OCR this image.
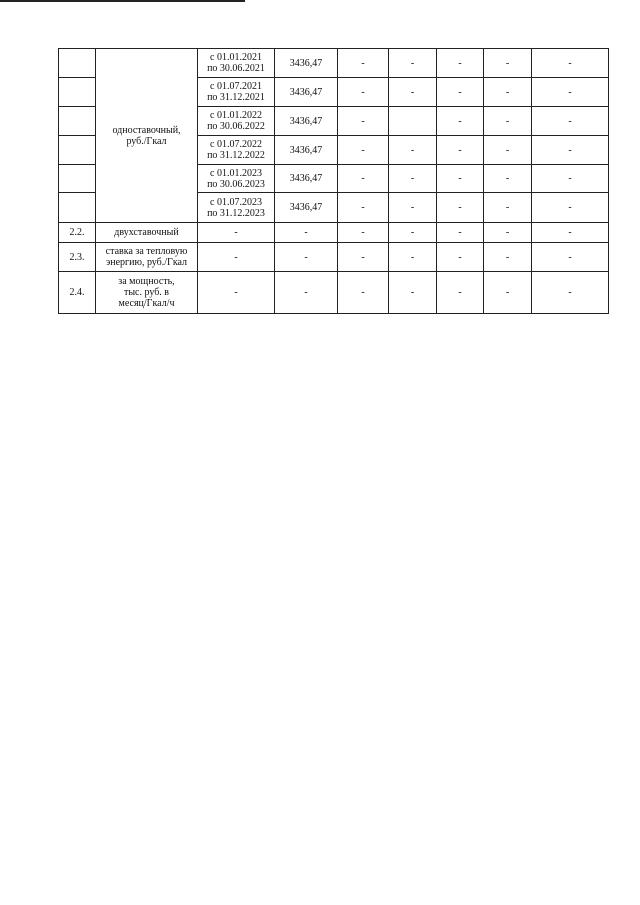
	одноставочный, руб./Гкал	с 01.01.2021
по 30.06.2021	3436,47	-	-	-	-	-

		с 01.07.2021
по 31.12.2021	3436,47	-	-	-	-	-

		с 01.01.2022
по 30.06.2022	3436,47	-		-	-	-

		с 01.07.2022
по 31.12.2022	3436,47	-	-	-	-	-

		с 01.01.2023
по 30.06.2023	3436,47	-	-	-	-	-

		с 01.07.2023
по 31.12.2023	3436,47	-	-	-	-	-
2.2.	двухставочный	-	-	-	-	-	-	-
2.3.	ставка за тепловую
энергию, руб./Гкал	-	-	-	-	-	-	-
2.4.	за мощность,
тыс. руб. в
месяц/Гкал/ч	-	-	-	-	-	-	-
